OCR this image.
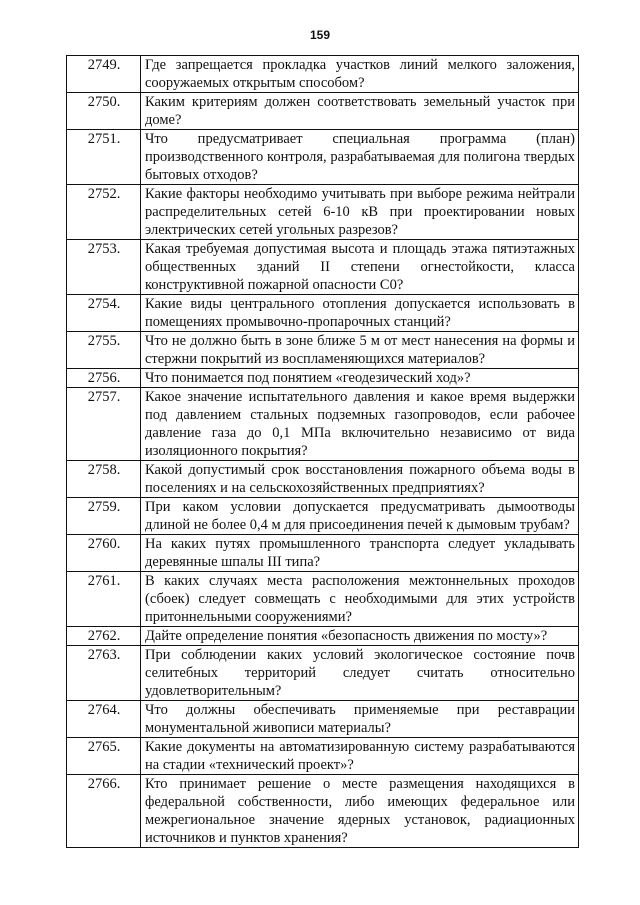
159
2749.	Где запрещается прокладка участков линий мелкого заложения, сооружаемых открытым способом?
2750.	Каким критериям должен соответствовать земельный участок при доме?
2751.	Что предусматривает специальная программа (план) производственного контроля, разрабатываемая для полигона твердых бытовых отходов?
2752.	Какие факторы необходимо учитывать при выборе режима нейтрали распределительных сетей 6-10 кВ при проектировании новых электрических сетей угольных разрезов?
2753.	Какая требуемая допустимая высота и площадь этажа пятиэтажных общественных зданий II степени огнестойкости, класса конструктивной пожарной опасности С0?
2754.	Какие виды центрального отопления допускается использовать в помещениях промывочно-пропарочных станций?
2755.	Что не должно быть в зоне ближе 5 м от мест нанесения на формы и стержни покрытий из воспламеняющихся материалов?
2756.	Что понимается под понятием «геодезический ход»?
2757.	Какое значение испытательного давления и какое время выдержки под давлением стальных подземных газопроводов, если рабочее давление газа до 0,1 МПа включительно независимо от вида изоляционного покрытия?
2758.	Какой допустимый срок восстановления пожарного объема воды в поселениях и на сельскохозяйственных предприятиях?
2759.	При каком условии допускается предусматривать дымоотводы длиной не более 0,4 м для присоединения печей к дымовым трубам?
2760.	На каких путях промышленного транспорта следует укладывать деревянные шпалы III типа?
2761.	В каких случаях места расположения межтоннельных проходов (сбоек) следует совмещать с необходимыми для этих устройств притоннельными сооружениями?
2762.	Дайте определение понятия «безопасность движения по мосту»?
2763.	При соблюдении каких условий экологическое состояние почв селитебных территорий следует считать относительно удовлетворительным?
2764.	Что должны обеспечивать применяемые при реставрации монументальной живописи материалы?
2765.	Какие документы на автоматизированную систему разрабатываются на стадии «технический проект»?
2766.	Кто принимает решение о месте размещения находящихся в федеральной собственности, либо имеющих федеральное или межрегиональное значение ядерных установок, радиационных источников и пунктов хранения?
